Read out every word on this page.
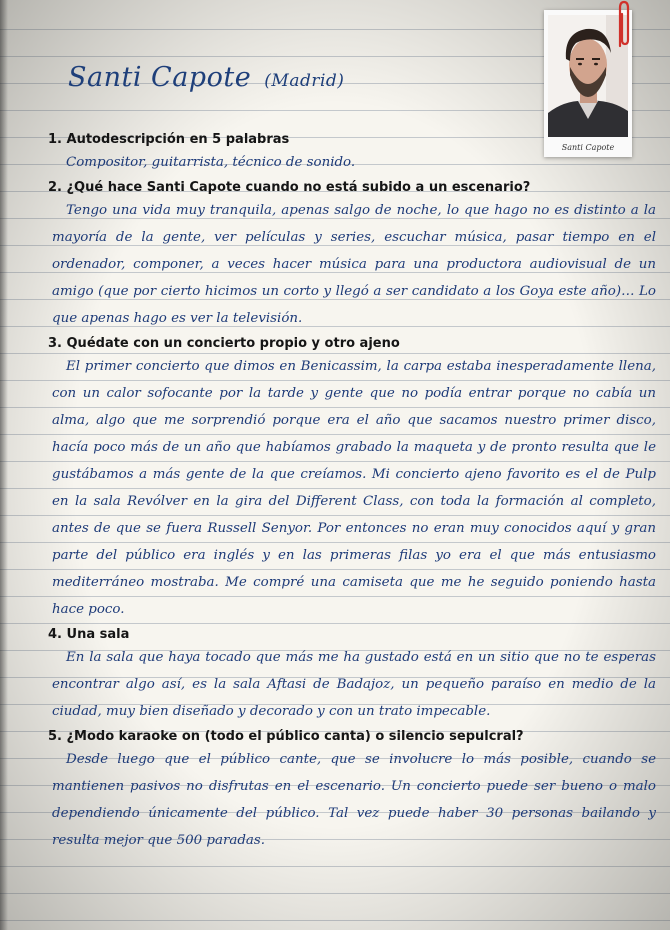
Santi Capote (Madrid)
Santi Capote

1. Autodescripción en 5 palabras

Compositor, guitarrista, técnico de sonido.

2. ¿Qué hace Santi Capote cuando no está subido a un escenario?

Tengo una vida muy tranquila, apenas salgo de noche, lo que hago no es distinto a la mayoría de la gente, ver películas y series, escuchar música, pasar tiempo en el ordenador, componer, a veces hacer música para una productora audiovisual de un amigo (que por cierto hicimos un corto y llegó a ser candidato a los Goya este año)… Lo que apenas hago es ver la televisión.

3. Quédate con un concierto propio y otro ajeno

El primer concierto que dimos en Benicassim, la carpa estaba inesperadamente llena, con un calor sofocante por la tarde y gente que no podía entrar porque no cabía un alma, algo que me sorprendió porque era el año que sacamos nuestro primer disco, hacía poco más de un año que habíamos grabado la maqueta y de pronto resulta que le gustábamos a más gente de la que creíamos. Mi concierto ajeno favorito es el de Pulp en la sala Revólver en la gira del Different Class, con toda la formación al completo, antes de que se fuera Russell Senyor. Por entonces no eran muy conocidos aquí y gran parte del público era inglés y en las primeras filas yo era el que más entusiasmo mediterráneo mostraba. Me compré una camiseta que me he seguido poniendo hasta hace poco.

4. Una sala

En la sala que haya tocado que más me ha gustado está en un sitio que no te esperas encontrar algo así, es la sala Aftasi de Badajoz, un pequeño paraíso en medio de la ciudad, muy bien diseñado y decorado y con un trato impecable.

5. ¿Modo karaoke on (todo el público canta) o silencio sepulcral?

Desde luego que el público cante, que se involucre lo más posible, cuando se mantienen pasivos no disfrutas en el escenario. Un concierto puede ser bueno o malo dependiendo únicamente del público. Tal vez puede haber 30 personas bailando y resulta mejor que 500 paradas.
